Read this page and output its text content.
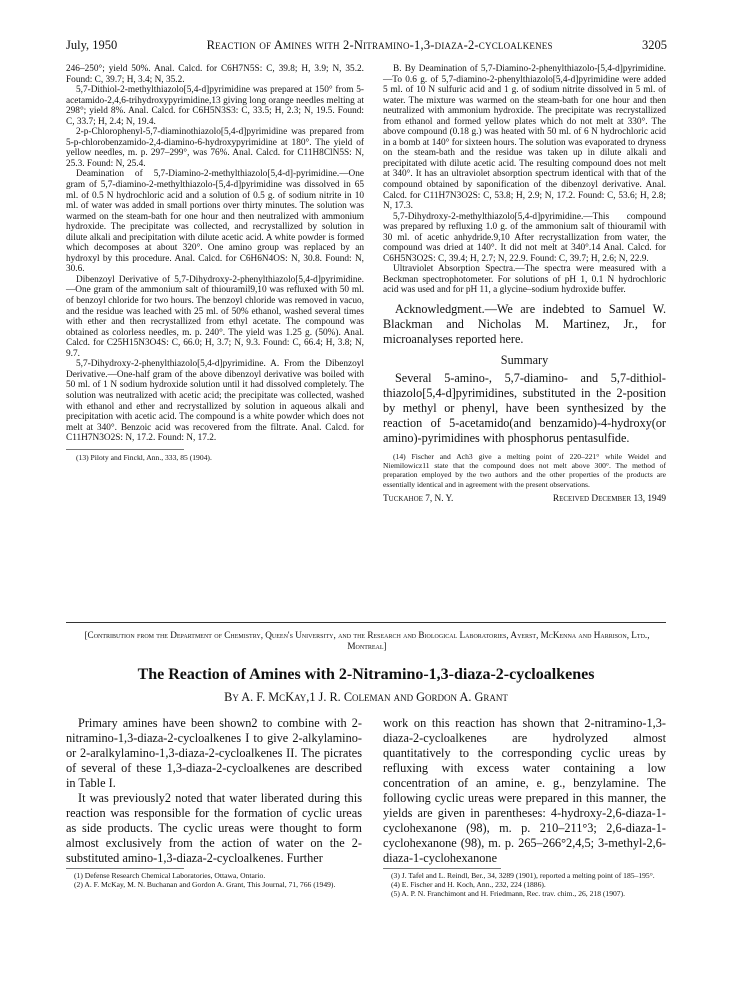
July, 1950	Reaction of Amines with 2-Nitramino-1,3-diaza-2-cycloalkenes	3205

246–250°; yield 50%. Anal. Calcd. for C6H7N5S: C, 39.8; H, 3.9; N, 35.2. Found: C, 39.7; H, 3.4; N, 35.2.

5,7-Dithiol-2-methylthiazolo[5,4-d]pyrimidine was prepared at 150° from 5-acetamido-2,4,6-trihydroxypyrimidine,13 giving long orange needles melting at 298°; yield 8%. Anal. Calcd. for C6H5N3S3: C, 33.5; H, 2.3; N, 19.5. Found: C, 33.7; H, 2.4; N, 19.4.

2-p-Chlorophenyl-5,7-diaminothiazolo[5,4-d]pyrimidine was prepared from 5-p-chlorobenzamido-2,4-diamino-6-hydroxypyrimidine at 180°. The yield of yellow needles, m. p. 297–299°, was 76%. Anal. Calcd. for C11H8ClN5S: N, 25.3. Found: N, 25.4.

Deamination of 5,7-Diamino-2-methylthiazolo[5,4-d]-pyrimidine.—One gram of 5,7-diamino-2-methylthiazolo-[5,4-d]pyrimidine was dissolved in 65 ml. of 0.5 N hydrochloric acid and a solution of 0.5 g. of sodium nitrite in 10 ml. of water was added in small portions over thirty minutes. The solution was warmed on the steam-bath for one hour and then neutralized with ammonium hydroxide. The precipitate was collected, and recrystallized by solution in dilute alkali and precipitation with dilute acetic acid. A white powder is formed which decomposes at about 320°. One amino group was replaced by an hydroxyl by this procedure. Anal. Calcd. for C6H6N4OS: N, 30.8. Found: N, 30.6.

Dibenzoyl Derivative of 5,7-Dihydroxy-2-phenylthiazolo[5,4-d]pyrimidine.—One gram of the ammonium salt of thiouramil9,10 was refluxed with 50 ml. of benzoyl chloride for two hours. The benzoyl chloride was removed in vacuo, and the residue was leached with 25 ml. of 50% ethanol, washed several times with ether and then recrystallized from ethyl acetate. The compound was obtained as colorless needles, m. p. 240°. The yield was 1.25 g. (50%). Anal. Calcd. for C25H15N3O4S: C, 66.0; H, 3.7; N, 9.3. Found: C, 66.4; H, 3.8; N, 9.7.

5,7-Dihydroxy-2-phenylthiazolo[5,4-d]pyrimidine. A. From the Dibenzoyl Derivative.—One-half gram of the above dibenzoyl derivative was boiled with 50 ml. of 1 N sodium hydroxide solution until it had dissolved completely. The solution was neutralized with acetic acid; the precipitate was collected, washed with ethanol and ether and recrystallized by solution in aqueous alkali and precipitation with acetic acid. The compound is a white powder which does not melt at 340°. Benzoic acid was recovered from the filtrate. Anal. Calcd. for C11H7N3O2S: N, 17.2. Found: N, 17.2.

(13) Piloty and Finckl, Ann., 333, 85 (1904).

B. By Deamination of 5,7-Diamino-2-phenylthiazolo-[5,4-d]pyrimidine.—To 0.6 g. of 5,7-diamino-2-phenylthiazolo[5,4-d]pyrimidine were added 5 ml. of 10 N sulfuric acid and 1 g. of sodium nitrite dissolved in 5 ml. of water. The mixture was warmed on the steam-bath for one hour and then neutralized with ammonium hydroxide. The precipitate was recrystallized from ethanol and formed yellow plates which do not melt at 330°. The above compound (0.18 g.) was heated with 50 ml. of 6 N hydrochloric acid in a bomb at 140° for sixteen hours. The solution was evaporated to dryness on the steam-bath and the residue was taken up in dilute alkali and precipitated with dilute acetic acid. The resulting compound does not melt at 340°. It has an ultraviolet absorption spectrum identical with that of the compound obtained by saponification of the dibenzoyl derivative. Anal. Calcd. for C11H7N3O2S: C, 53.8; H, 2.9; N, 17.2. Found: C, 53.6; H, 2.8; N, 17.3.

5,7-Dihydroxy-2-methylthiazolo[5,4-d]pyrimidine.—This compound was prepared by refluxing 1.0 g. of the ammonium salt of thiouramil with 30 ml. of acetic anhydride.9,10 After recrystallization from water, the compound was dried at 140°. It did not melt at 340°.14 Anal. Calcd. for C6H5N3O2S: C, 39.4; H, 2.7; N, 22.9. Found: C, 39.7; H, 2.6; N, 22.9.

Ultraviolet Absorption Spectra.—The spectra were measured with a Beckman spectrophotometer. For solutions of pH 1, 0.1 N hydrochloric acid was used and for pH 11, a glycine–sodium hydroxide buffer.

Acknowledgment.—We are indebted to Samuel W. Blackman and Nicholas M. Martinez, Jr., for microanalyses reported here.

Summary

Several 5-amino-, 5,7-diamino- and 5,7-dithiol-thiazolo[5,4-d]pyrimidines, substituted in the 2-position by methyl or phenyl, have been synthesized by the reaction of 5-acetamido(and benzamido)-4-hydroxy(or amino)-pyrimidines with phosphorus pentasulfide.

(14) Fischer and Ach3 give a melting point of 220–221° while Weidel and Niemilowicz11 state that the compound does not melt above 300°. The method of preparation employed by the two authors and the other properties of the products are essentially identical and in agreement with the present observations.

Tuckahoe 7, N. Y.	Received December 13, 1949
[Contribution from the Department of Chemistry, Queen's University, and the Research and Biological Laboratories, Ayerst, McKenna and Harrison, Ltd., Montreal]
The Reaction of Amines with 2-Nitramino-1,3-diaza-2-cycloalkenes
By A. F. McKay,1 J. R. Coleman and Gordon A. Grant

Primary amines have been shown2 to combine with 2-nitramino-1,3-diaza-2-cycloalkenes I to give 2-alkylamino- or 2-aralkylamino-1,3-diaza-2-cycloalkenes II. The picrates of several of these 1,3-diaza-2-cycloalkenes are described in Table I.

It was previously2 noted that water liberated during this reaction was responsible for the formation of cyclic ureas as side products. The cyclic ureas were thought to form almost exclusively from the action of water on the 2-substituted amino-1,3-diaza-2-cycloalkenes. Further

(1) Defense Research Chemical Laboratories, Ottawa, Ontario.

(2) A. F. McKay, M. N. Buchanan and Gordon A. Grant, This Journal, 71, 766 (1949).

work on this reaction has shown that 2-nitramino-1,3-diaza-2-cycloalkenes are hydrolyzed almost quantitatively to the corresponding cyclic ureas by refluxing with excess water containing a low concentration of an amine, e. g., benzylamine. The following cyclic ureas were prepared in this manner, the yields are given in parentheses: 4-hydroxy-2,6-diaza-1-cyclohexanone (98), m. p. 210–211°3; 2,6-diaza-1-cyclohexanone (98), m. p. 265–266°2,4,5; 3-methyl-2,6-diaza-1-cyclohexanone

(3) J. Tafel and L. Reindl, Ber., 34, 3289 (1901), reported a melting point of 185–195°.

(4) E. Fischer and H. Koch, Ann., 232, 224 (1886).

(5) A. P. N. Franchimont and H. Friedmann, Rec. trav. chim., 26, 218 (1907).
